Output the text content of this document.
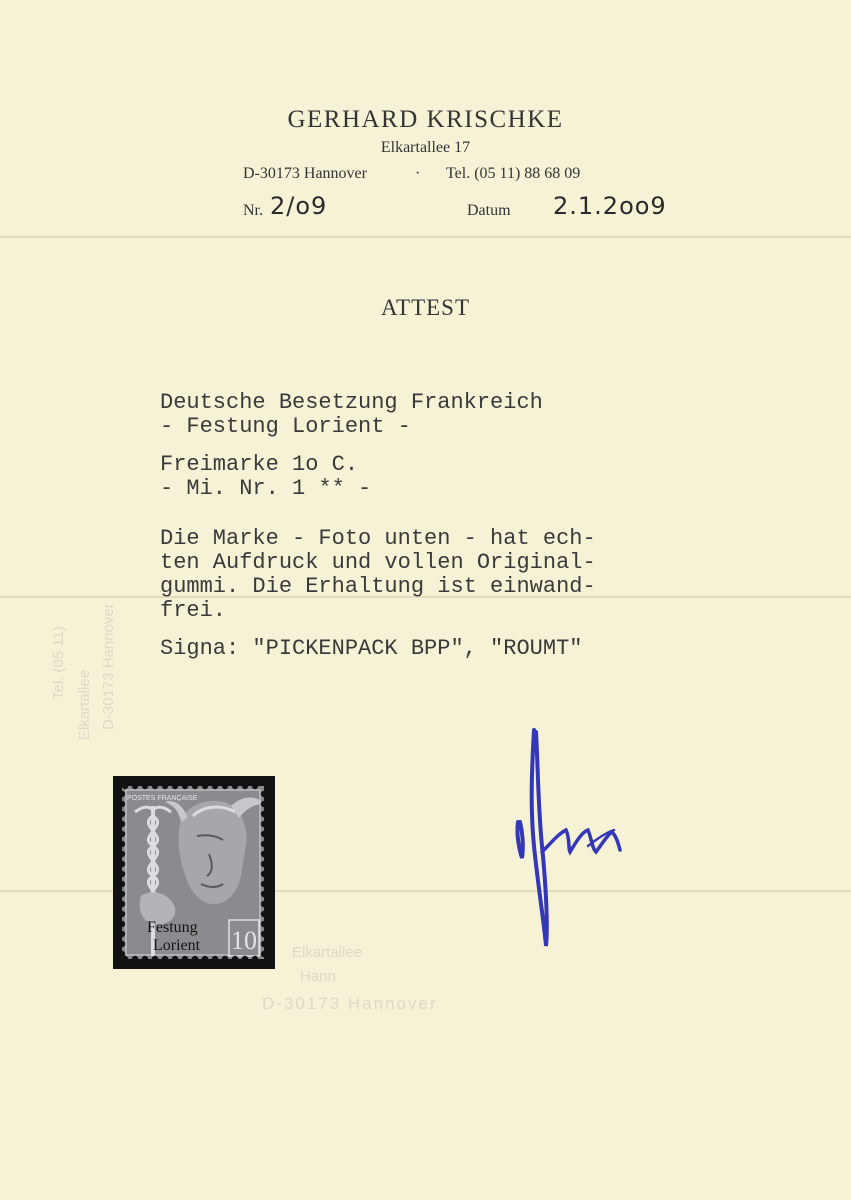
GERHARD KRISCHKE
Elkartallee 17
D-30173 Hannover	· Tel. (05 11) 88 68 09
Nr. 2/o9	Datum 2.1.2oo9
ATTEST
Deutsche Besetzung Frankreich
- Festung Lorient -
Freimarke 1o C.
- Mi. Nr. 1 ** -
Die Marke - Foto unten - hat ech-
ten Aufdruck und vollen Original-
gummi. Die Erhaltung ist einwand-
frei.
Signa: "PICKENPACK BPP", "ROUMT"
Tel. (05 11)
Elkartallee D-30173 Hannover
Elkartallee
Hann
D-30173 Hannover
10
POSTES FRANÇAISE
Festung
Lorient
